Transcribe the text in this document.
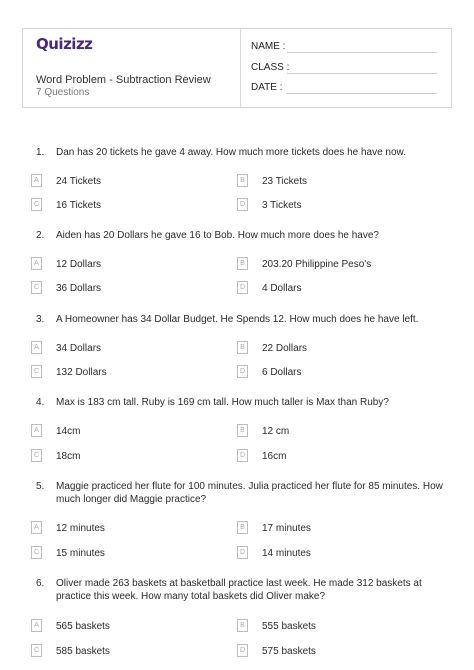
Quizizz
Word Problem - Subtraction Review
7 Questions
NAME :
CLASS :
DATE :
1. Dan has 20 tickets he gave 4 away. How much more tickets does he have now.
A	24 Tickets	B	23 Tickets
C 16 Tickets	D 3 Tickets
2. Aiden has 20 Dollars he gave 16 to Bob. How much more does he have?
A	12 Dollars	B	203.20 Philippine Peso's
C 36 Dollars	D 4 Dollars
3. A Homeowner has 34 Dollar Budget. He Spends 12. How much does he have left.
A	34 Dollars	B	22 Dollars
C 132 Dollars	D 6 Dollars
4. Max is 183 cm tall. Ruby is 169 cm tall. How much taller is Max than Ruby?
A	14cm	B	12 cm
C 18cm	D 16cm
5. Maggie practiced her flute for 100 minutes. Julia practiced her flute for 85 minutes. How much longer did Maggie practice?
A	12 minutes	B	17 minutes
C 15 minutes	D 14 minutes
6. Oliver made 263 baskets at basketball practice last week. He made 312 baskets at practice this week. How many total baskets did Oliver make?
A	565 baskets	B	555 baskets
C 585 baskets	D 575 baskets
